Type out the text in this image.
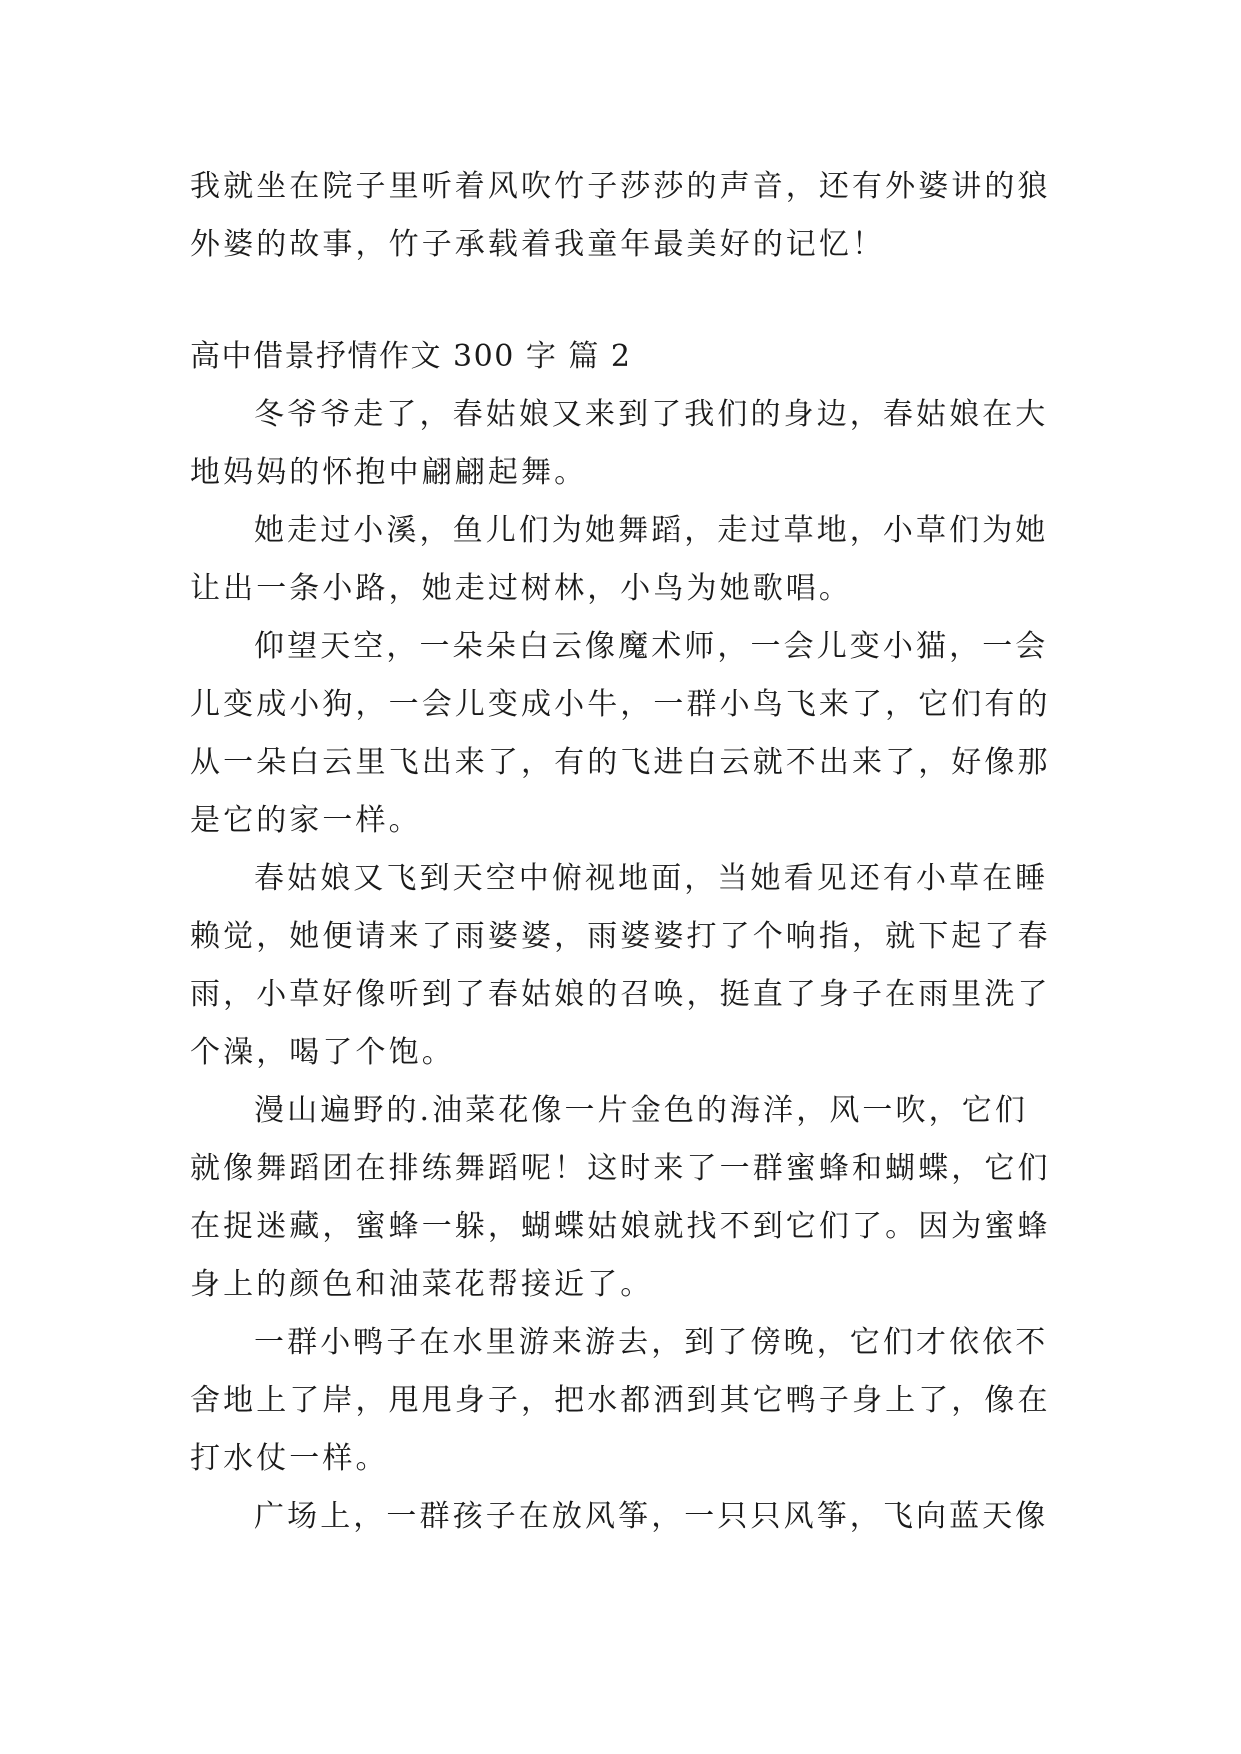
我就坐在院子里听着风吹竹子莎莎的声音，还有外婆讲的狼
外婆的故事，竹子承载着我童年最美好的记忆！
高中借景抒情作文 300 字 篇 2
冬爷爷走了，春姑娘又来到了我们的身边，春姑娘在大
地妈妈的怀抱中翩翩起舞。
她走过小溪，鱼儿们为她舞蹈，走过草地，小草们为她
让出一条小路，她走过树林，小鸟为她歌唱。
仰望天空，一朵朵白云像魔术师，一会儿变小猫，一会
儿变成小狗，一会儿变成小牛，一群小鸟飞来了，它们有的
从一朵白云里飞出来了，有的飞进白云就不出来了，好像那
是它的家一样。
春姑娘又飞到天空中俯视地面，当她看见还有小草在睡
赖觉，她便请来了雨婆婆，雨婆婆打了个响指，就下起了春
雨，小草好像听到了春姑娘的召唤，挺直了身子在雨里洗了
个澡，喝了个饱。
漫山遍野的.油菜花像一片金色的海洋，风一吹，它们
就像舞蹈团在排练舞蹈呢！这时来了一群蜜蜂和蝴蝶，它们
在捉迷藏，蜜蜂一躲，蝴蝶姑娘就找不到它们了。因为蜜蜂
身上的颜色和油菜花帮接近了。
一群小鸭子在水里游来游去，到了傍晚，它们才依依不
舍地上了岸，甩甩身子，把水都洒到其它鸭子身上了，像在
打水仗一样。
广场上，一群孩子在放风筝，一只只风筝，飞向蓝天像
